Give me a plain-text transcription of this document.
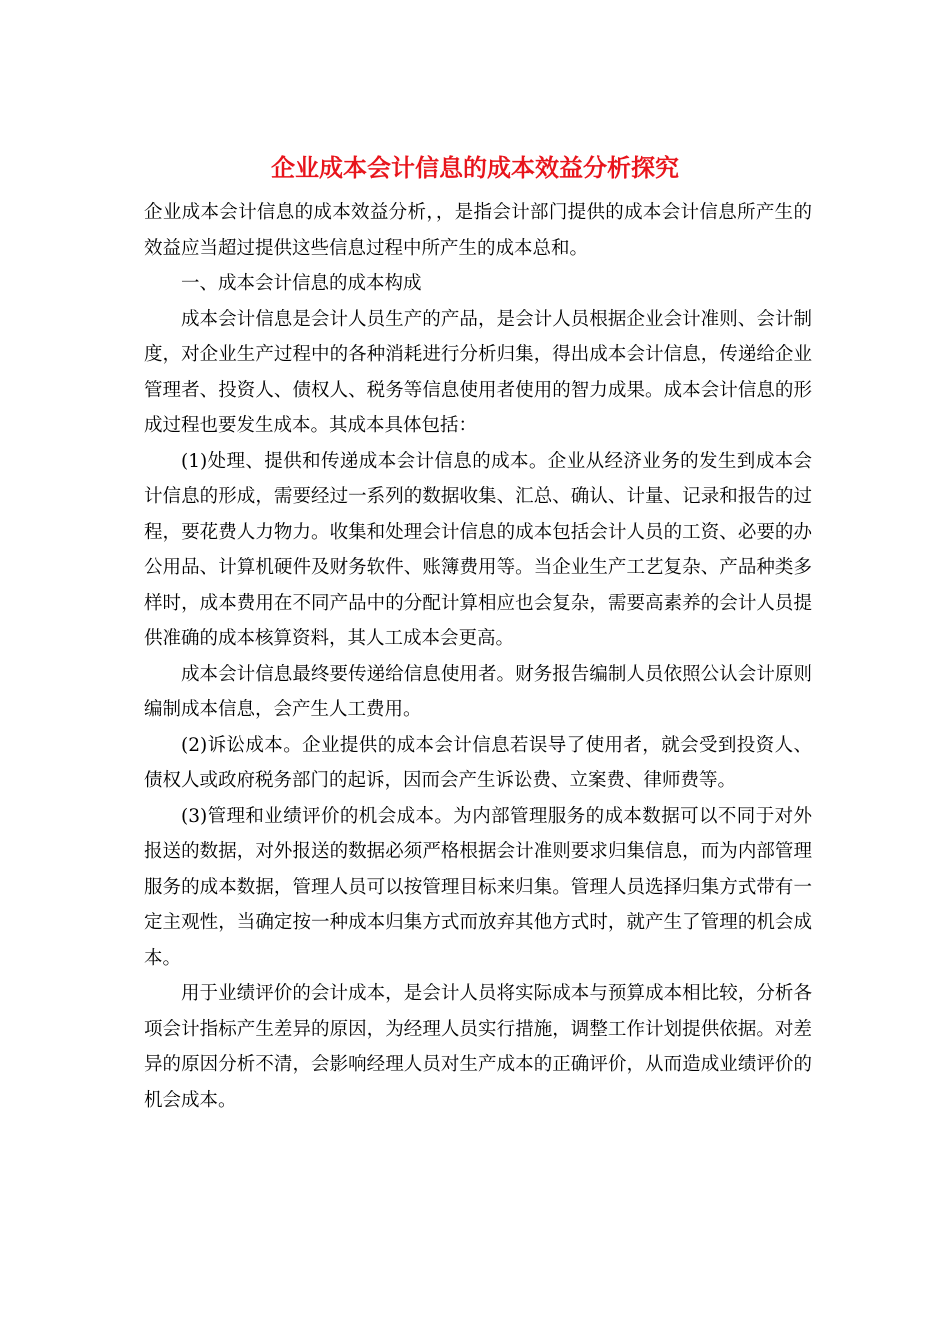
企业成本会计信息的成本效益分析探究

企业成本会计信息的成本效益分析，，是指会计部门提供的成本会计信息所产生的效益应当超过提供这些信息过程中所产生的成本总和。

一、成本会计信息的成本构成

成本会计信息是会计人员生产的产品，是会计人员根据企业会计准则、会计制度，对企业生产过程中的各种消耗进行分析归集，得出成本会计信息，传递给企业管理者、投资人、债权人、税务等信息使用者使用的智力成果。成本会计信息的形成过程也要发生成本。其成本具体包括：

(1)处理、提供和传递成本会计信息的成本。企业从经济业务的发生到成本会计信息的形成，需要经过一系列的数据收集、汇总、确认、计量、记录和报告的过程，要花费人力物力。收集和处理会计信息的成本包括会计人员的工资、必要的办公用品、计算机硬件及财务软件、账簿费用等。当企业生产工艺复杂、产品种类多样时，成本费用在不同产品中的分配计算相应也会复杂，需要高素养的会计人员提供准确的成本核算资料，其人工成本会更高。

成本会计信息最终要传递给信息使用者。财务报告编制人员依照公认会计原则编制成本信息，会产生人工费用。

(2)诉讼成本。企业提供的成本会计信息若误导了使用者，就会受到投资人、债权人或政府税务部门的起诉，因而会产生诉讼费、立案费、律师费等。

(3)管理和业绩评价的机会成本。为内部管理服务的成本数据可以不同于对外报送的数据，对外报送的数据必须严格根据会计准则要求归集信息，而为内部管理服务的成本数据，管理人员可以按管理目标来归集。管理人员选择归集方式带有一定主观性，当确定按一种成本归集方式而放弃其他方式时，就产生了管理的机会成本。

用于业绩评价的会计成本，是会计人员将实际成本与预算成本相比较，分析各项会计指标产生差异的原因，为经理人员实行措施，调整工作计划提供依据。对差异的原因分析不清，会影响经理人员对生产成本的正确评价，从而造成业绩评价的机会成本。
